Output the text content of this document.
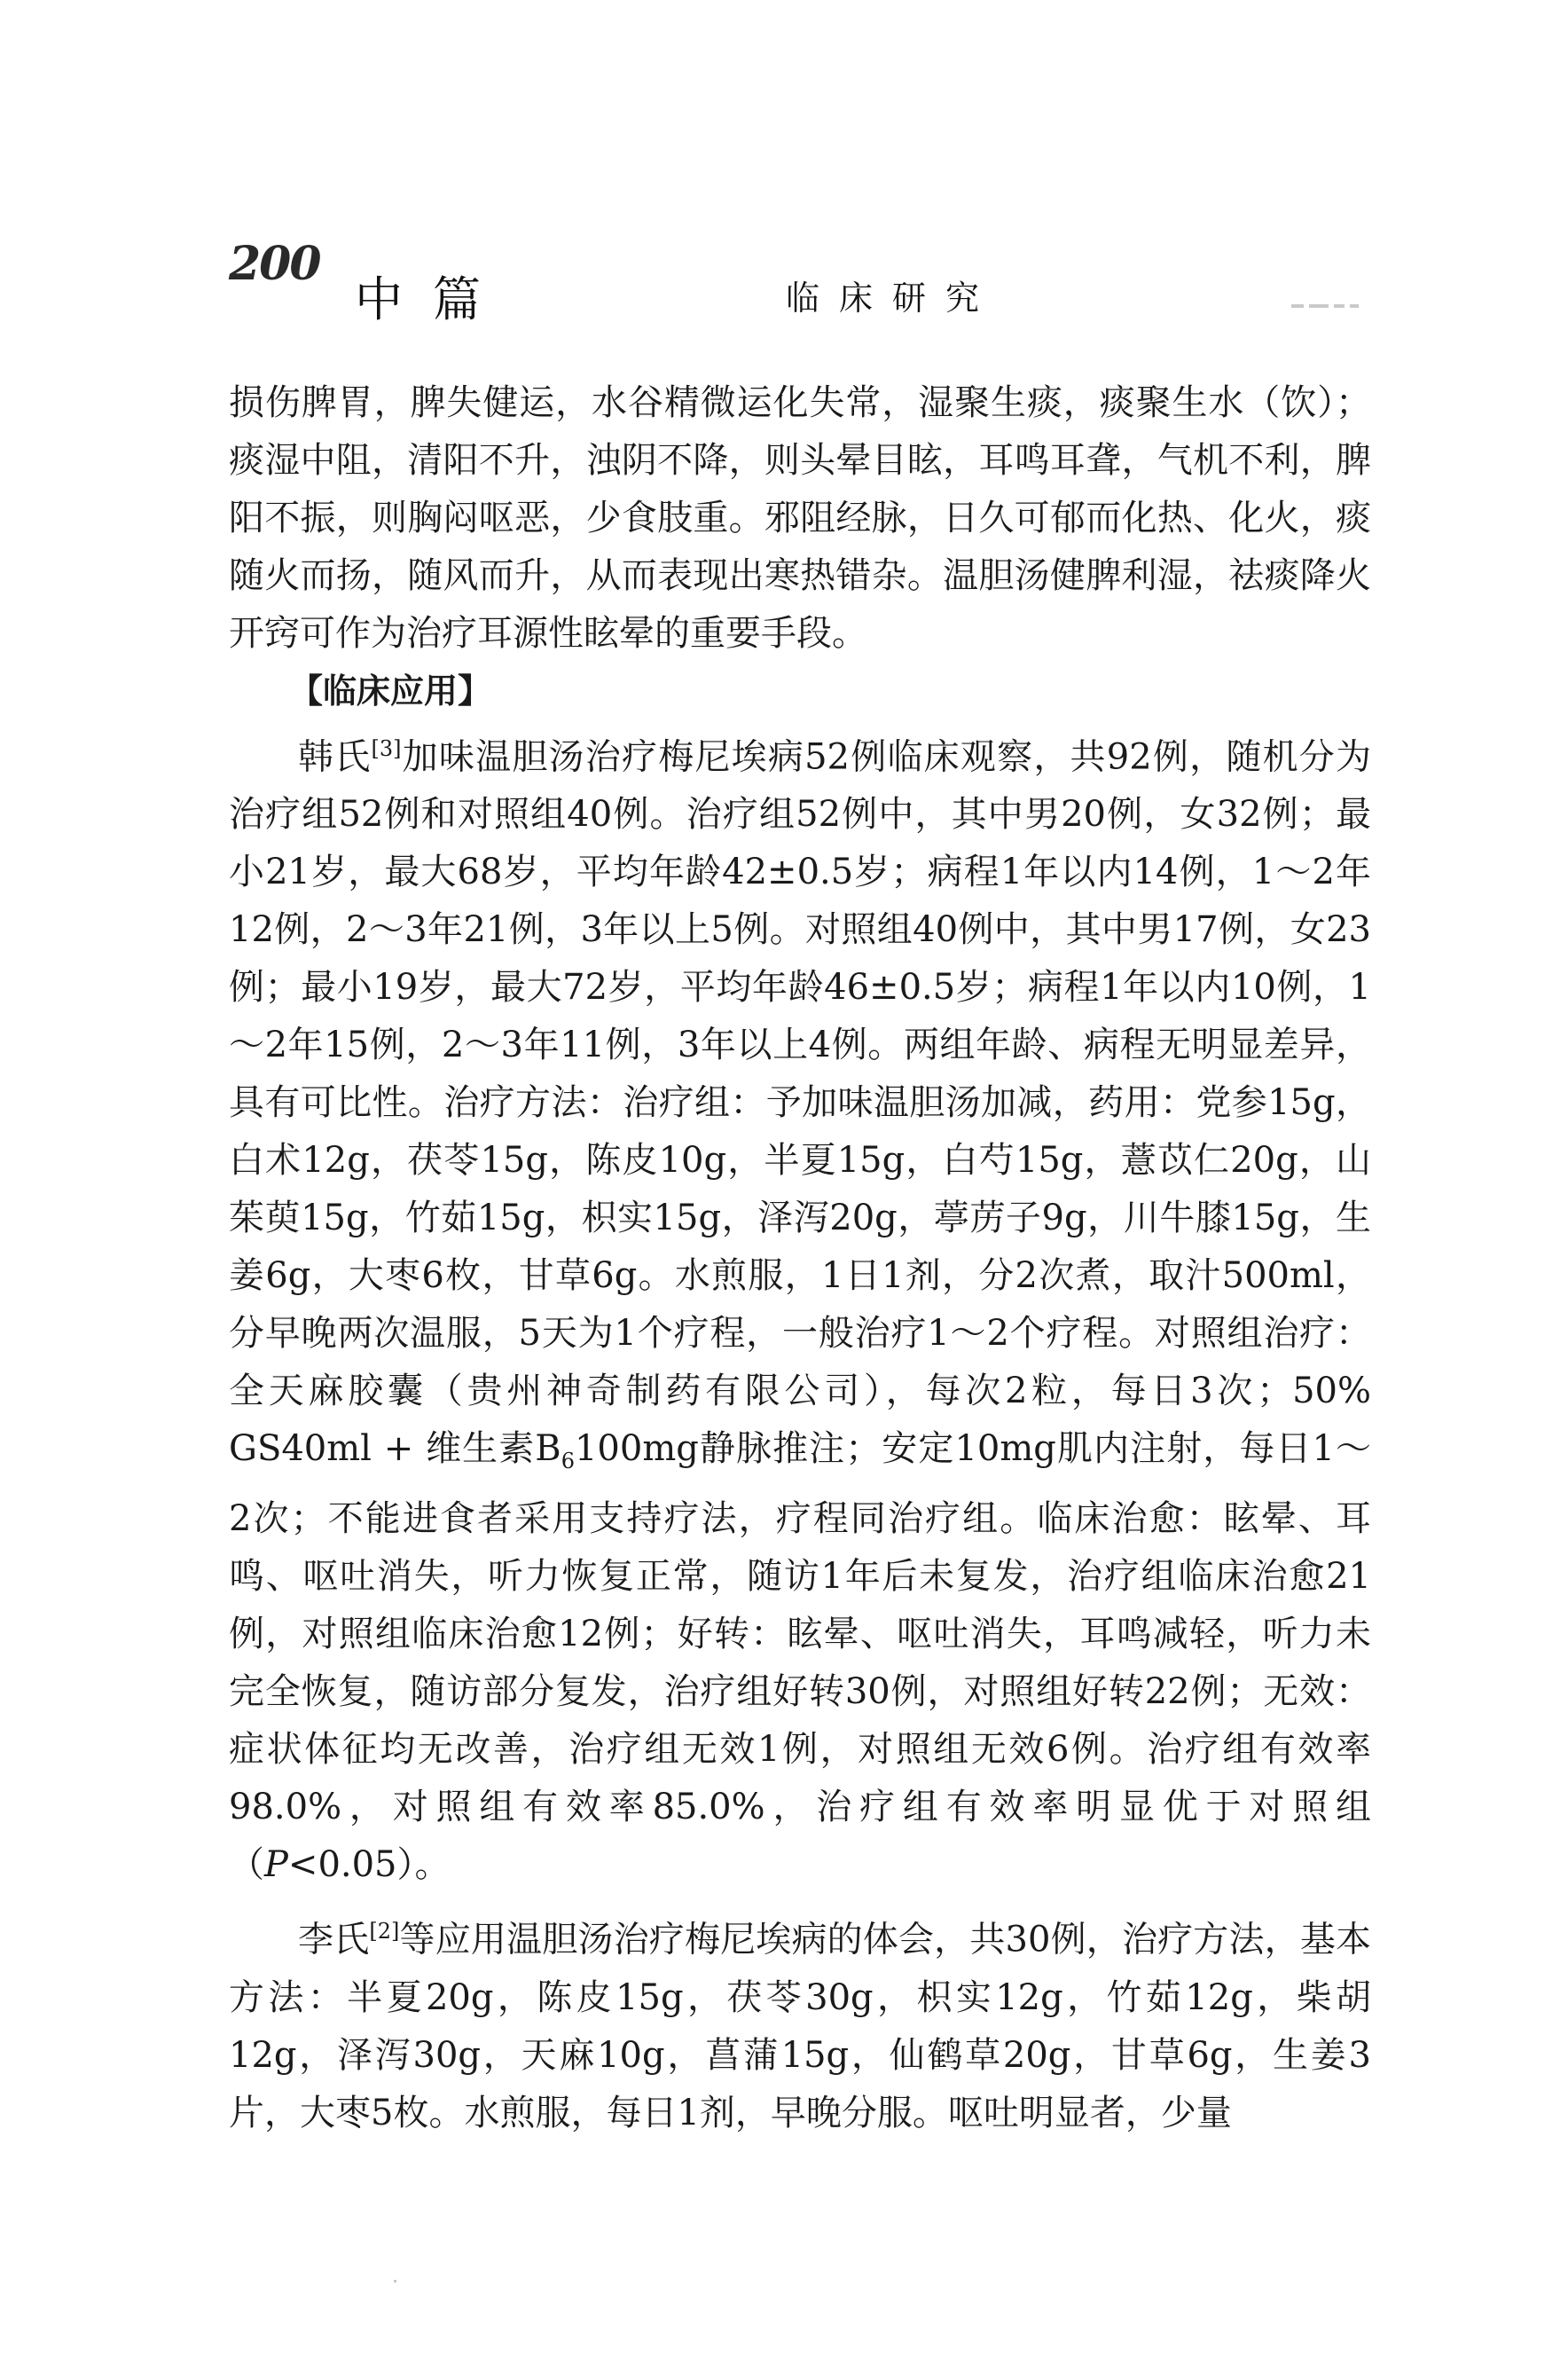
200
中篇	临床研究

损伤脾胃，脾失健运，水谷精微运化失常，湿聚生痰，痰聚生水（饮）；痰湿中阻，清阳不升，浊阴不降，则头晕目眩，耳鸣耳聋，气机不利，脾阳不振，则胸闷呕恶，少食肢重。邪阻经脉，日久可郁而化热、化火，痰随火而扬，随风而升，从而表现出寒热错杂。温胆汤健脾利湿，祛痰降火开窍可作为治疗耳源性眩晕的重要手段。

【临床应用】

韩氏[3]加味温胆汤治疗梅尼埃病52例临床观察，共92例，随机分为治疗组52例和对照组40例。治疗组52例中，其中男20例，女32例；最小21岁，最大68岁，平均年龄42±0.5岁；病程1年以内14例，1～2年12例，2～3年21例，3年以上5例。对照组40例中，其中男17例，女23例；最小19岁，最大72岁，平均年龄46±0.5岁；病程1年以内10例，1～2年15例，2～3年11例，3年以上4例。两组年龄、病程无明显差异，具有可比性。治疗方法：治疗组：予加味温胆汤加减，药用：党参15g，白术12g，茯苓15g，陈皮10g，半夏15g，白芍15g，薏苡仁20g，山茱萸15g，竹茹15g，枳实15g，泽泻20g，葶苈子9g，川牛膝15g，生姜6g，大枣6枚，甘草6g。水煎服，1日1剂，分2次煮，取汁500ml，分早晚两次温服，5天为1个疗程，一般治疗1～2个疗程。对照组治疗：全天麻胶囊（贵州神奇制药有限公司），每次2粒，每日3次；50% GS40ml + 维生素$B_6100mg$静脉推注；安定10mg肌内注射，每日1～2次；不能进食者采用支持疗法，疗程同治疗组。临床治愈：眩晕、耳鸣、呕吐消失，听力恢复正常，随访1年后未复发，治疗组临床治愈21例，对照组临床治愈12例；好转：眩晕、呕吐消失，耳鸣减轻，听力未完全恢复，随访部分复发，治疗组好转30例，对照组好转22例；无效：症状体征均无改善，治疗组无效1例，对照组无效6例。治疗组有效率98.0%，对照组有效率85.0%，治疗组有效率明显优于对照组（P<0.05）。

李氏[2]等应用温胆汤治疗梅尼埃病的体会，共30例，治疗方法，基本方法：半夏20g，陈皮15g，茯苓30g，枳实12g，竹茹12g，柴胡12g，泽泻30g，天麻10g，菖蒲15g，仙鹤草20g，甘草6g，生姜3片，大枣5枚。水煎服，每日1剂，早晚分服。呕吐明显者，少量
